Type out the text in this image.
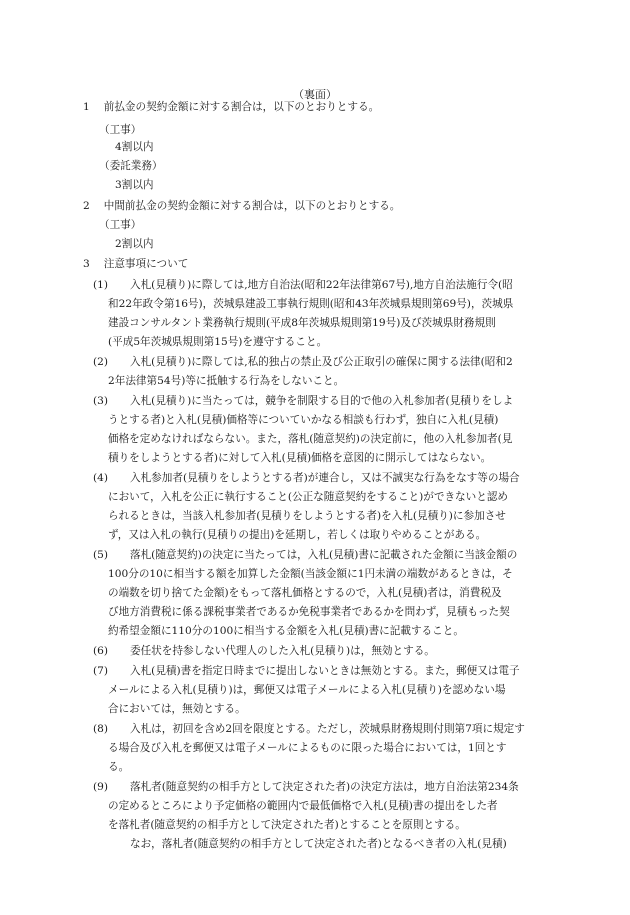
（裏面）
1 前払金の契約金額に対する割合は，以下のとおりとする。
（工事）
4割以内
（委託業務）
3割以内
2 中間前払金の契約金額に対する割合は，以下のとおりとする。
（工事）
2割以内
3 注意事項について
(1) 入札(見積り)に際しては,地方自治法(昭和22年法律第67号),地方自治法施行令(昭
和22年政令第16号)，茨城県建設工事執行規則(昭和43年茨城県規則第69号)，茨城県
建設コンサルタント業務執行規則(平成8年茨城県規則第19号)及び茨城県財務規則
(平成5年茨城県規則第15号)を遵守すること。
(2) 入札(見積り)に際しては,私的独占の禁止及び公正取引の確保に関する法律(昭和2
2年法律第54号)等に抵触する行為をしないこと。
(3) 入札(見積り)に当たっては，競争を制限する目的で他の入札参加者(見積りをしよ
うとする者)と入札(見積)価格等についていかなる相談も行わず，独自に入札(見積)
価格を定めなければならない。また，落札(随意契約)の決定前に，他の入札参加者(見
積りをしようとする者)に対して入札(見積)価格を意図的に開示してはならない。
(4) 入札参加者(見積りをしようとする者)が連合し，又は不誠実な行為をなす等の場合
において，入札を公正に執行すること(公正な随意契約をすること)ができないと認め
られるときは，当該入札参加者(見積りをしようとする者)を入札(見積り)に参加させ
ず，又は入札の執行(見積りの提出)を延期し，若しくは取りやめることがある。
(5) 落札(随意契約)の決定に当たっては，入札(見積)書に記載された金額に当該金額の
100分の10に相当する額を加算した金額(当該金額に1円未満の端数があるときは，そ
の端数を切り捨てた金額)をもって落札価格とするので，入札(見積)者は，消費税及
び地方消費税に係る課税事業者であるか免税事業者であるかを問わず，見積もった契
約希望金額に110分の100に相当する金額を入札(見積)書に記載すること。
(6) 委任状を持参しない代理人のした入札(見積り)は，無効とする。
(7) 入札(見積)書を指定日時までに提出しないときは無効とする。また，郵便又は電子
メールによる入札(見積り)は，郵便又は電子メールによる入札(見積り)を認めない場
合においては，無効とする。
(8) 入札は，初回を含め2回を限度とする。ただし，茨城県財務規則付則第7項に規定す
る場合及び入札を郵便又は電子メールによるものに限った場合においては，1回とす
る。
(9) 落札者(随意契約の相手方として決定された者)の決定方法は，地方自治法第234条
の定めるところにより予定価格の範囲内で最低価格で入札(見積)書の提出をした者
を落札者(随意契約の相手方として決定された者)とすることを原則とする。
なお，落札者(随意契約の相手方として決定された者)となるべき者の入札(見積)
